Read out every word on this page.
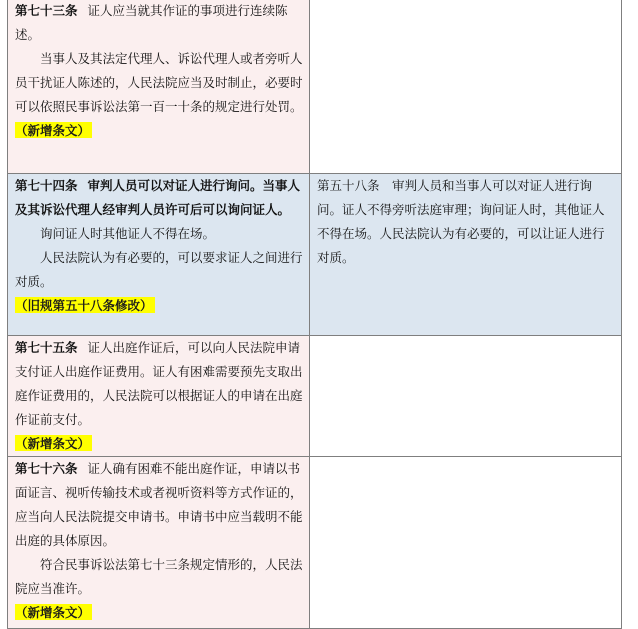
第七十三条 证人应当就其作证的事项进行连续陈述。

当事人及其法定代理人、诉讼代理人或者旁听人员干扰证人陈述的，人民法院应当及时制止，必要时可以依照民事诉讼法第一百一十条的规定进行处罚。

（新增条文）	

第七十四条 审判人员可以对证人进行询问。当事人及其诉讼代理人经审判人员许可后可以询问证人。

询问证人时其他证人不得在场。

人民法院认为有必要的，可以要求证人之间进行对质。

（旧规第五十八条修改）	第五十八条　审判人员和当事人可以对证人进行询问。证人不得旁听法庭审理；询问证人时，其他证人不得在场。人民法院认为有必要的，可以让证人进行对质。

第七十五条 证人出庭作证后，可以向人民法院申请支付证人出庭作证费用。证人有困难需要预先支取出庭作证费用的，人民法院可以根据证人的申请在出庭作证前支付。

（新增条文）	

第七十六条 证人确有困难不能出庭作证，申请以书面证言、视听传输技术或者视听资料等方式作证的，应当向人民法院提交申请书。申请书中应当载明不能出庭的具体原因。

符合民事诉讼法第七十三条规定情形的，人民法院应当准许。

（新增条文）	
